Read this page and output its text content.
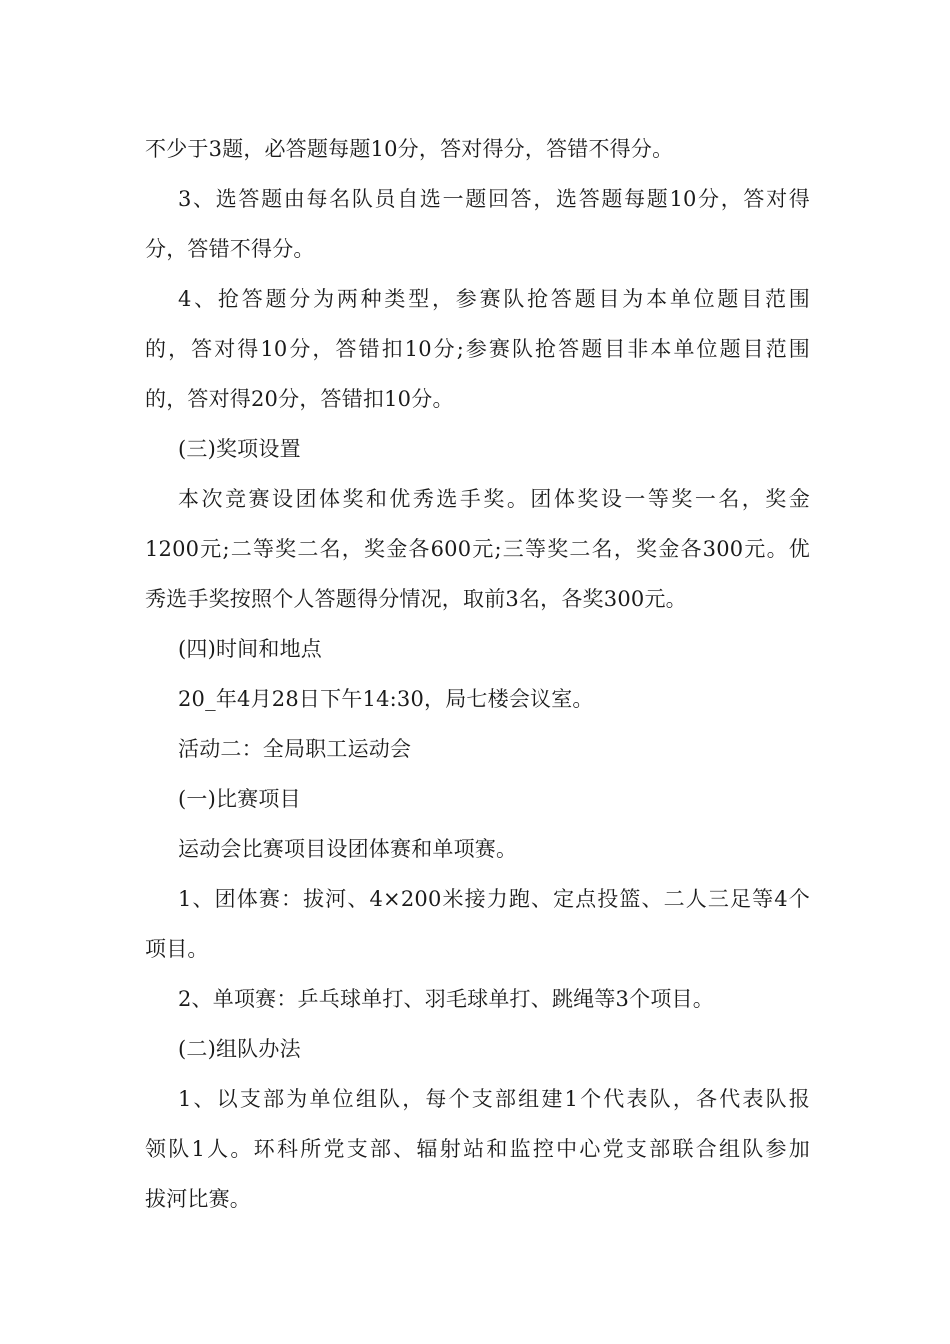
不少于3题，必答题每题10分，答对得分，答错不得分。
3、选答题由每名队员自选一题回答，选答题每题10分，答对得
分，答错不得分。
4、抢答题分为两种类型，参赛队抢答题目为本单位题目范围
的，答对得10分，答错扣10分;参赛队抢答题目非本单位题目范围
的，答对得20分，答错扣10分。
(三)奖项设置
本次竞赛设团体奖和优秀选手奖。团体奖设一等奖一名，奖金
1200元;二等奖二名，奖金各600元;三等奖二名，奖金各300元。优
秀选手奖按照个人答题得分情况，取前3名，各奖300元。
(四)时间和地点
20_年4月28日下午14:30，局七楼会议室。
活动二：全局职工运动会
(一)比赛项目
运动会比赛项目设团体赛和单项赛。
1、团体赛：拔河、4×200米接力跑、定点投篮、二人三足等4个
项目。
2、单项赛：乒乓球单打、羽毛球单打、跳绳等3个项目。
(二)组队办法
1、以支部为单位组队，每个支部组建1个代表队，各代表队报
领队1人。环科所党支部、辐射站和监控中心党支部联合组队参加
拔河比赛。
